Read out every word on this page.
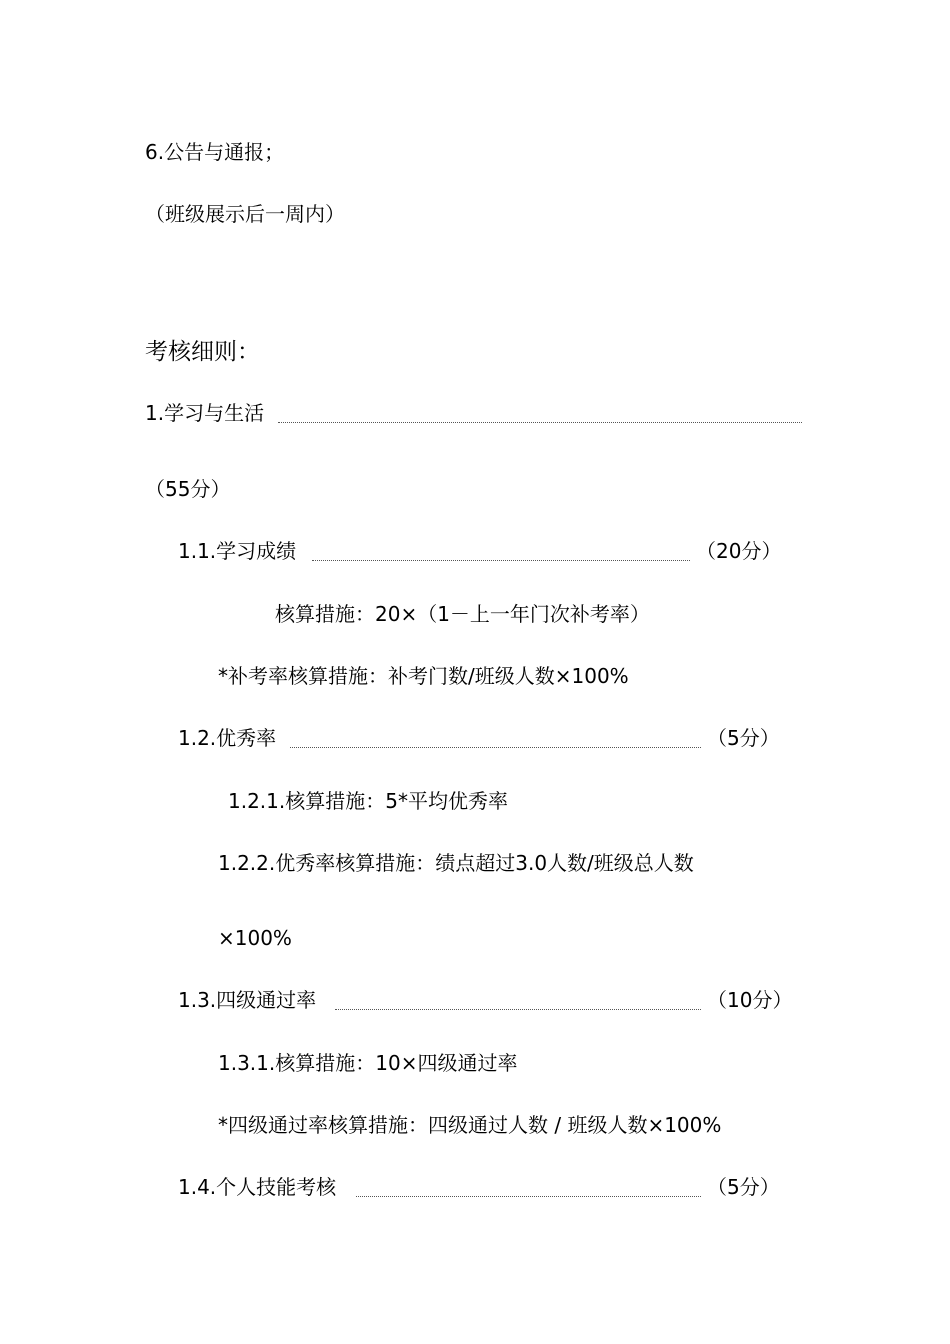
6.公告与通报；
（班级展示后一周内）
考核细则：
1.学习与生活
（55分）
1.1.学习成绩	（20分）
核算措施：20×（1－上一年门次补考率）
*补考率核算措施：补考门数/班级人数×100%
1.2.优秀率	（5分）
1.2.1.核算措施：5*平均优秀率
1.2.2.优秀率核算措施：绩点超过3.0人数/班级总人数
×100%
1.3.四级通过率	（10分）
1.3.1.核算措施：10×四级通过率
*四级通过率核算措施：四级通过人数 / 班级人数×100%
1.4.个人技能考核	（5分）
